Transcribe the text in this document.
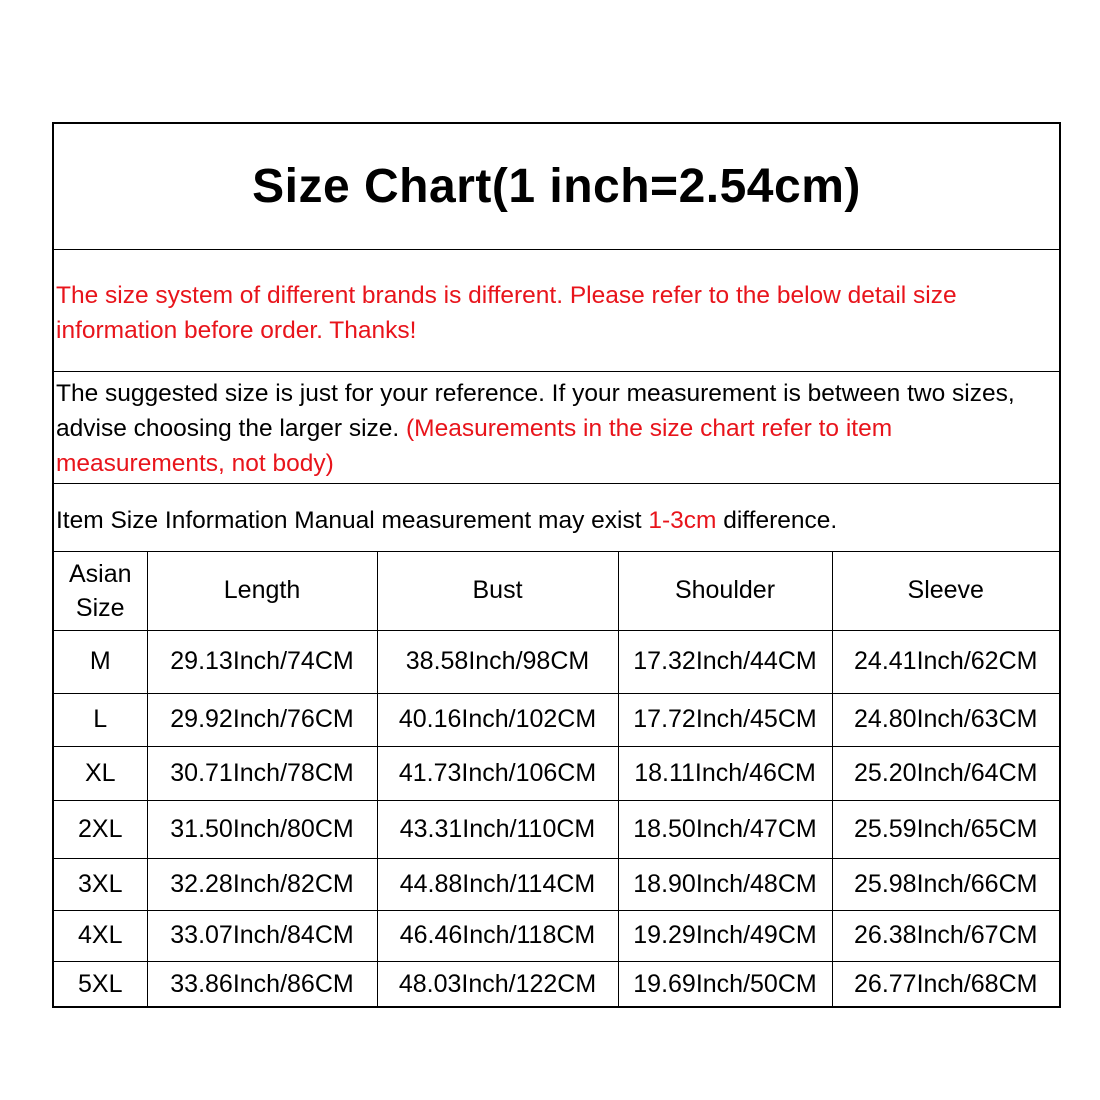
Size Chart(1 inch=2.54cm)

The size system of different brands is different. Please refer to the below detail size information before order. Thanks!

The suggested size is just for your reference. If your measurement is between two sizes, advise choosing the larger size. (Measurements in the size chart refer to item measurements, not body)

Item Size Information Manual measurement may exist 1-3cm difference.

Asian Size	Length	Bust	Shoulder	Sleeve
M	29.13Inch/74CM	38.58Inch/98CM	17.32Inch/44CM	24.41Inch/62CM
L	29.92Inch/76CM	40.16Inch/102CM	17.72Inch/45CM	24.80Inch/63CM
XL	30.71Inch/78CM	41.73Inch/106CM	18.11Inch/46CM	25.20Inch/64CM
2XL	31.50Inch/80CM	43.31Inch/110CM	18.50Inch/47CM	25.59Inch/65CM
3XL	32.28Inch/82CM	44.88Inch/114CM	18.90Inch/48CM	25.98Inch/66CM
4XL	33.07Inch/84CM	46.46Inch/118CM	19.29Inch/49CM	26.38Inch/67CM
5XL	33.86Inch/86CM	48.03Inch/122CM	19.69Inch/50CM	26.77Inch/68CM
